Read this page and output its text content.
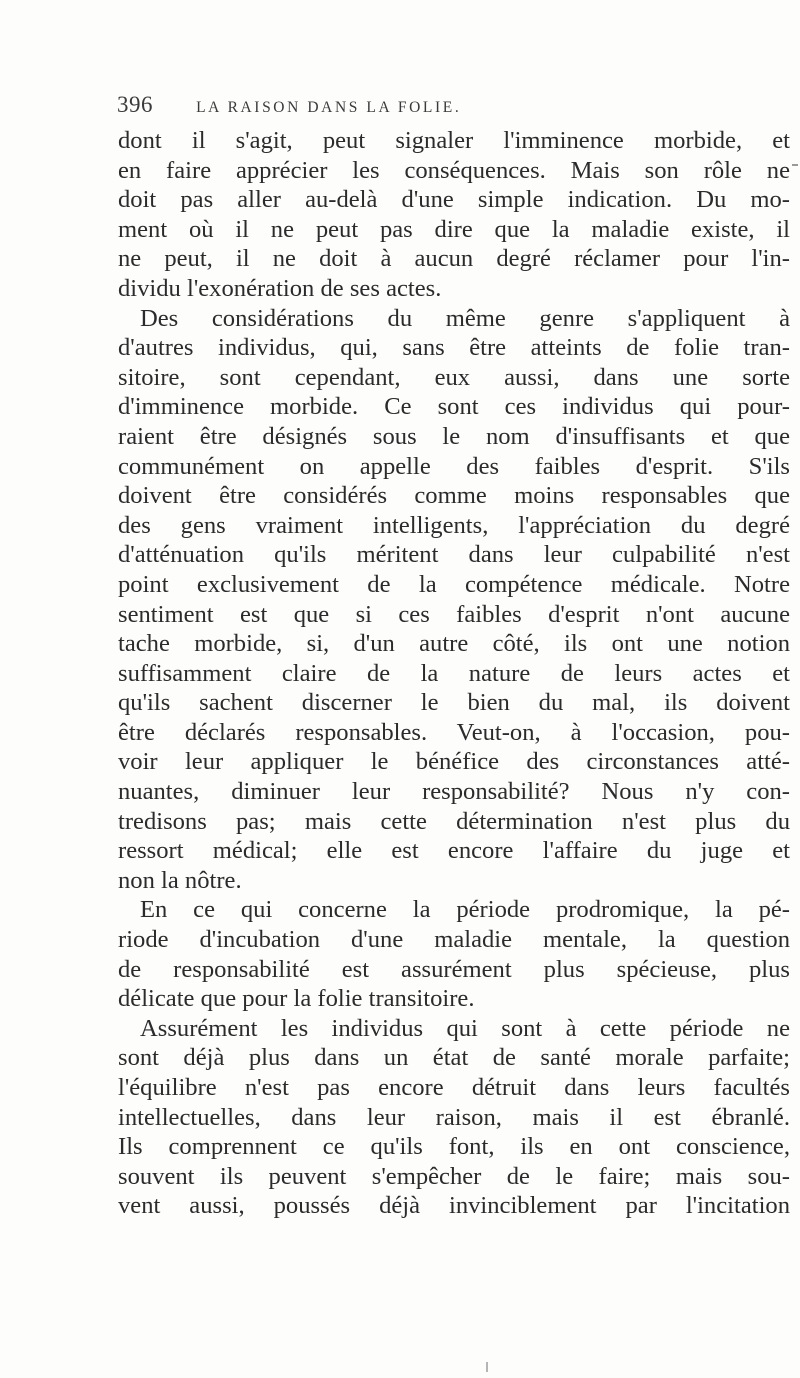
396	LA RAISON DANS LA FOLIE.
dont il s'agit, peut signaler l'imminence morbide, et
en faire apprécier les conséquences. Mais son rôle ne
doit pas aller au-delà d'une simple indication. Du mo-
ment où il ne peut pas dire que la maladie existe, il
ne peut, il ne doit à aucun degré réclamer pour l'in-
dividu l'exonération de ses actes.
Des considérations du même genre s'appliquent à
d'autres individus, qui, sans être atteints de folie tran-
sitoire, sont cependant, eux aussi, dans une sorte
d'imminence morbide. Ce sont ces individus qui pour-
raient être désignés sous le nom d'insuffisants et que
communément on appelle des faibles d'esprit. S'ils
doivent être considérés comme moins responsables que
des gens vraiment intelligents, l'appréciation du degré
d'atténuation qu'ils méritent dans leur culpabilité n'est
point exclusivement de la compétence médicale. Notre
sentiment est que si ces faibles d'esprit n'ont aucune
tache morbide, si, d'un autre côté, ils ont une notion
suffisamment claire de la nature de leurs actes et
qu'ils sachent discerner le bien du mal, ils doivent
être déclarés responsables. Veut-on, à l'occasion, pou-
voir leur appliquer le bénéfice des circonstances atté-
nuantes, diminuer leur responsabilité? Nous n'y con-
tredisons pas; mais cette détermination n'est plus du
ressort médical; elle est encore l'affaire du juge et
non la nôtre.
En ce qui concerne la période prodromique, la pé-
riode d'incubation d'une maladie mentale, la question
de responsabilité est assurément plus spécieuse, plus
délicate que pour la folie transitoire.
Assurément les individus qui sont à cette période ne
sont déjà plus dans un état de santé morale parfaite;
l'équilibre n'est pas encore détruit dans leurs facultés
intellectuelles, dans leur raison, mais il est ébranlé.
Ils comprennent ce qu'ils font, ils en ont conscience,
souvent ils peuvent s'empêcher de le faire; mais sou-
vent aussi, poussés déjà invinciblement par l'incitation
